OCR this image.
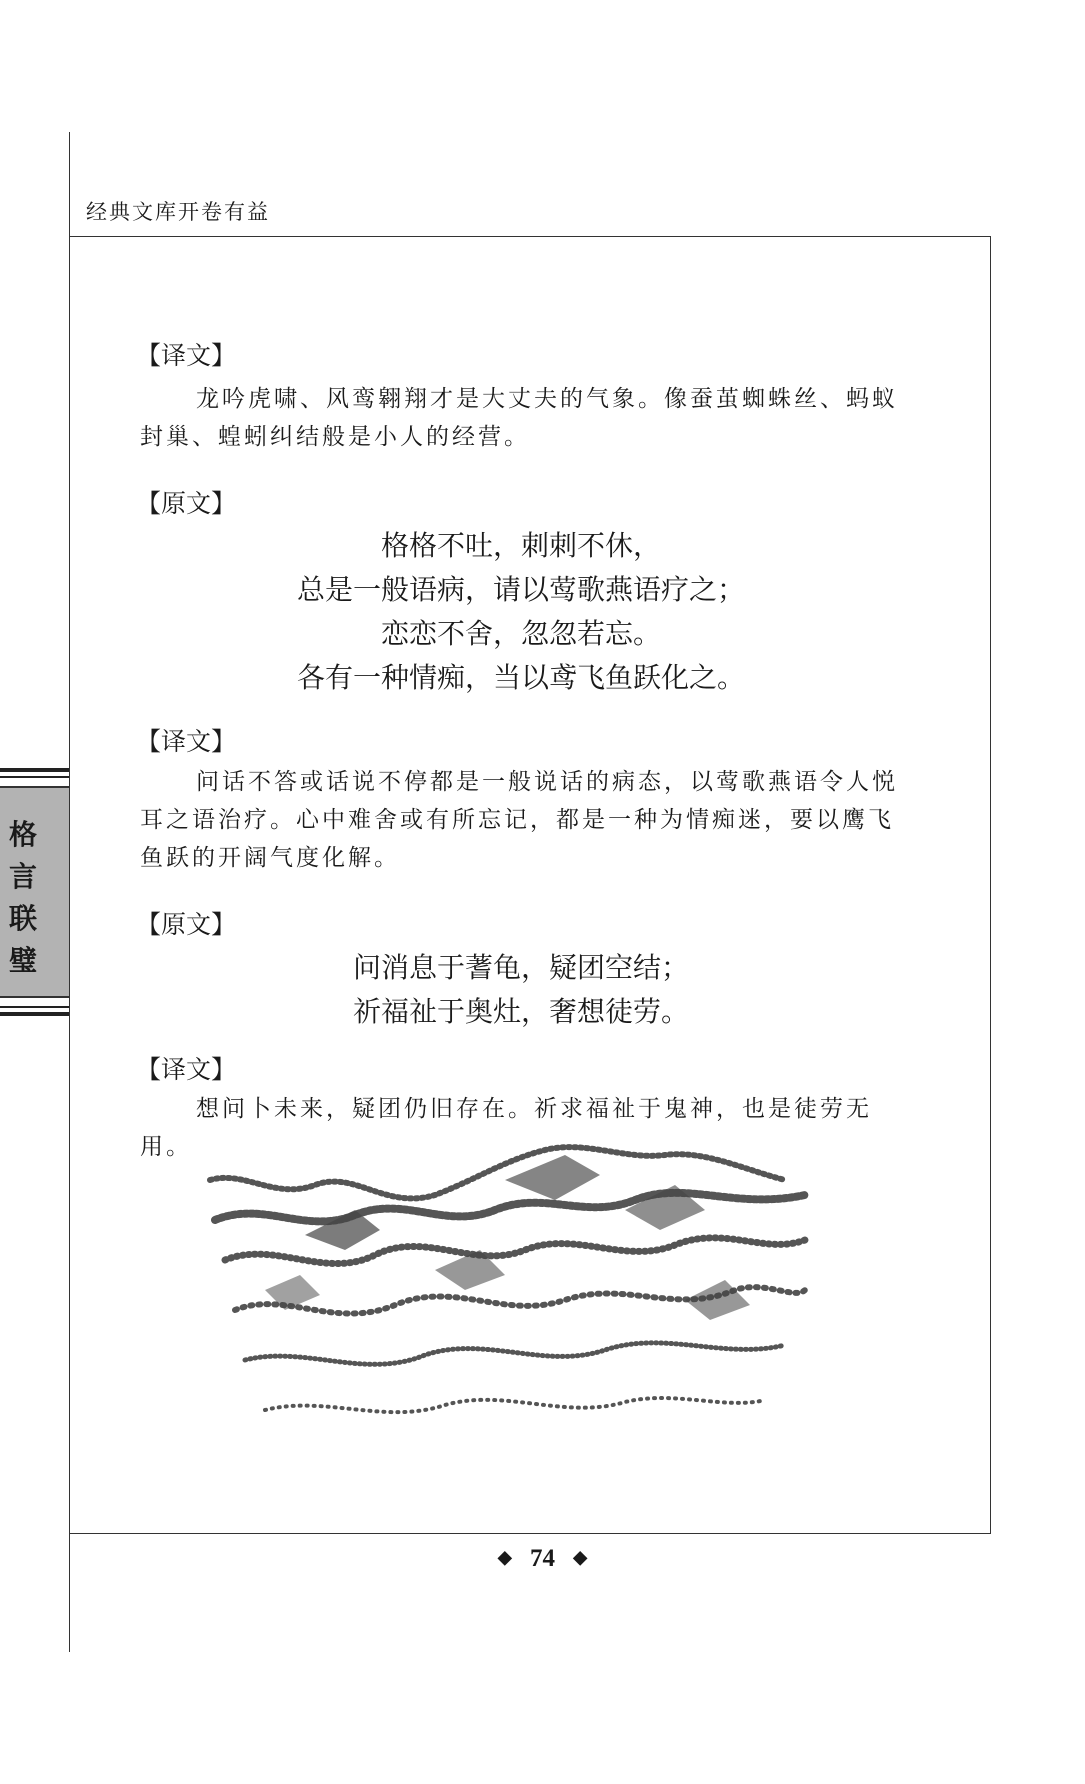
经典文库开卷有益
格言联璧
【译文】
龙吟虎啸、风鸾翱翔才是大丈夫的气象。像蚕茧蜘蛛丝、蚂蚁封巢、蝗蚓纠结般是小人的经营。
【原文】
格格不吐，刺刺不休，
总是一般语病，请以莺歌燕语疗之；
恋恋不舍，忽忽若忘。
各有一种情痴，当以鸢飞鱼跃化之。
【译文】
问话不答或话说不停都是一般说话的病态，以莺歌燕语令人悦耳之语治疗。心中难舍或有所忘记，都是一种为情痴迷，要以鹰飞鱼跃的开阔气度化解。
【原文】
问消息于蓍龟，疑团空结；
祈福祉于奥灶，奢想徒劳。
【译文】
想问卜未来，疑团仍旧存在。祈求福祉于鬼神，也是徒劳无用。
◆ 74 ◆
